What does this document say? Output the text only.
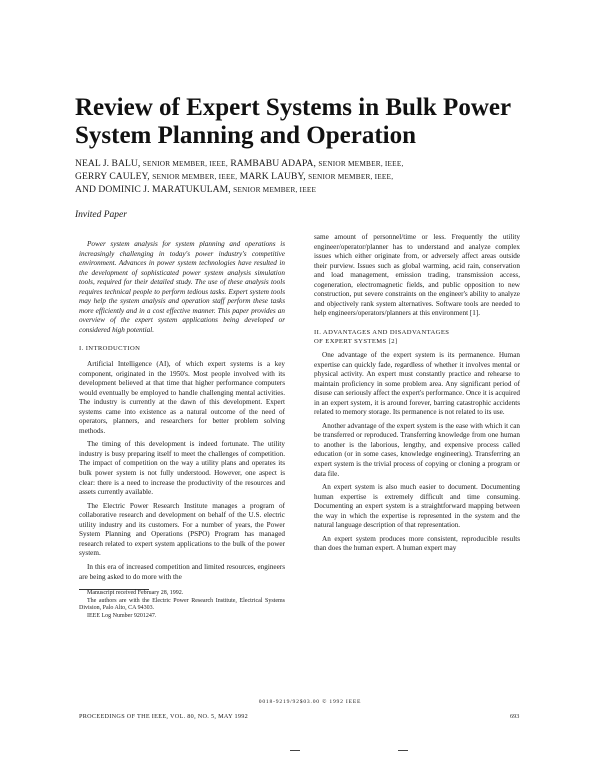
Review of Expert Systems in Bulk Power System Planning and Operation
NEAL J. BALU, SENIOR MEMBER, IEEE, RAMBABU ADAPA, SENIOR MEMBER, IEEE,
GERRY CAULEY, SENIOR MEMBER, IEEE, MARK LAUBY, SENIOR MEMBER, IEEE,
AND DOMINIC J. MARATUKULAM, SENIOR MEMBER, IEEE
Invited Paper

Power system analysis for system planning and operations is increasingly challenging in today's power industry's competitive environment. Advances in power system technologies have resulted in the development of sophisticated power system analysis simulation tools, required for their detailed study. The use of these analysis tools requires technical people to perform tedious tasks. Expert system tools may help the system analysis and operation staff perform these tasks more efficiently and in a cost effective manner. This paper provides an overview of the expert system applications being developed or considered high potential.

I. INTRODUCTION

Artificial Intelligence (AI), of which expert systems is a key component, originated in the 1950's. Most people involved with its development believed at that time that higher performance computers would eventually be employed to handle challenging mental activities. The industry is currently at the dawn of this development. Expert systems came into existence as a natural outcome of the need of operators, planners, and researchers for better problem solving methods.

The timing of this development is indeed fortunate. The utility industry is busy preparing itself to meet the challenges of competition. The impact of competition on the way a utility plans and operates its bulk power system is not fully understood. However, one aspect is clear: there is a need to increase the productivity of the resources and assets currently available.

The Electric Power Research Institute manages a program of collaborative research and development on behalf of the U.S. electric utility industry and its customers. For a number of years, the Power System Planning and Operations (PSPO) Program has managed research related to expert system applications to the bulk of the power system.

In this era of increased competition and limited resources, engineers are being asked to do more with the

Manuscript received February 28, 1992.

The authors are with the Electric Power Research Institute, Electrical Systems Division, Palo Alto, CA 94303.

IEEE Log Number 9201247.

same amount of personnel/time or less. Frequently the utility engineer/operator/planner has to understand and analyze complex issues which either originate from, or adversely affect areas outside their purview. Issues such as global warming, acid rain, conservation and load management, emission trading, transmission access, cogeneration, electromagnetic fields, and public opposition to new construction, put severe constraints on the engineer's ability to analyze and objectively rank system alternatives. Software tools are needed to help engineers/operators/planners at this environment [1].

II. ADVANTAGES AND DISADVANTAGES
OF EXPERT SYSTEMS [2]

One advantage of the expert system is its permanence. Human expertise can quickly fade, regardless of whether it involves mental or physical activity. An expert must constantly practice and rehearse to maintain proficiency in some problem area. Any significant period of disuse can seriously affect the expert's performance. Once it is acquired in an expert system, it is around forever, barring catastrophic accidents related to memory storage. Its permanence is not related to its use.

Another advantage of the expert system is the ease with which it can be transferred or reproduced. Transferring knowledge from one human to another is the laborious, lengthy, and expensive process called education (or in some cases, knowledge engineering). Transferring an expert system is the trivial process of copying or cloning a program or data file.

An expert system is also much easier to document. Documenting human expertise is extremely difficult and time consuming. Documenting an expert system is a straightforward mapping between the way in which the expertise is represented in the system and the natural language description of that representation.

An expert system produces more consistent, reproducible results than does the human expert. A human expert may

0018-9219/92$03.00 © 1992 IEEE
PROCEEDINGS OF THE IEEE, VOL. 80, NO. 5, MAY 1992	693
